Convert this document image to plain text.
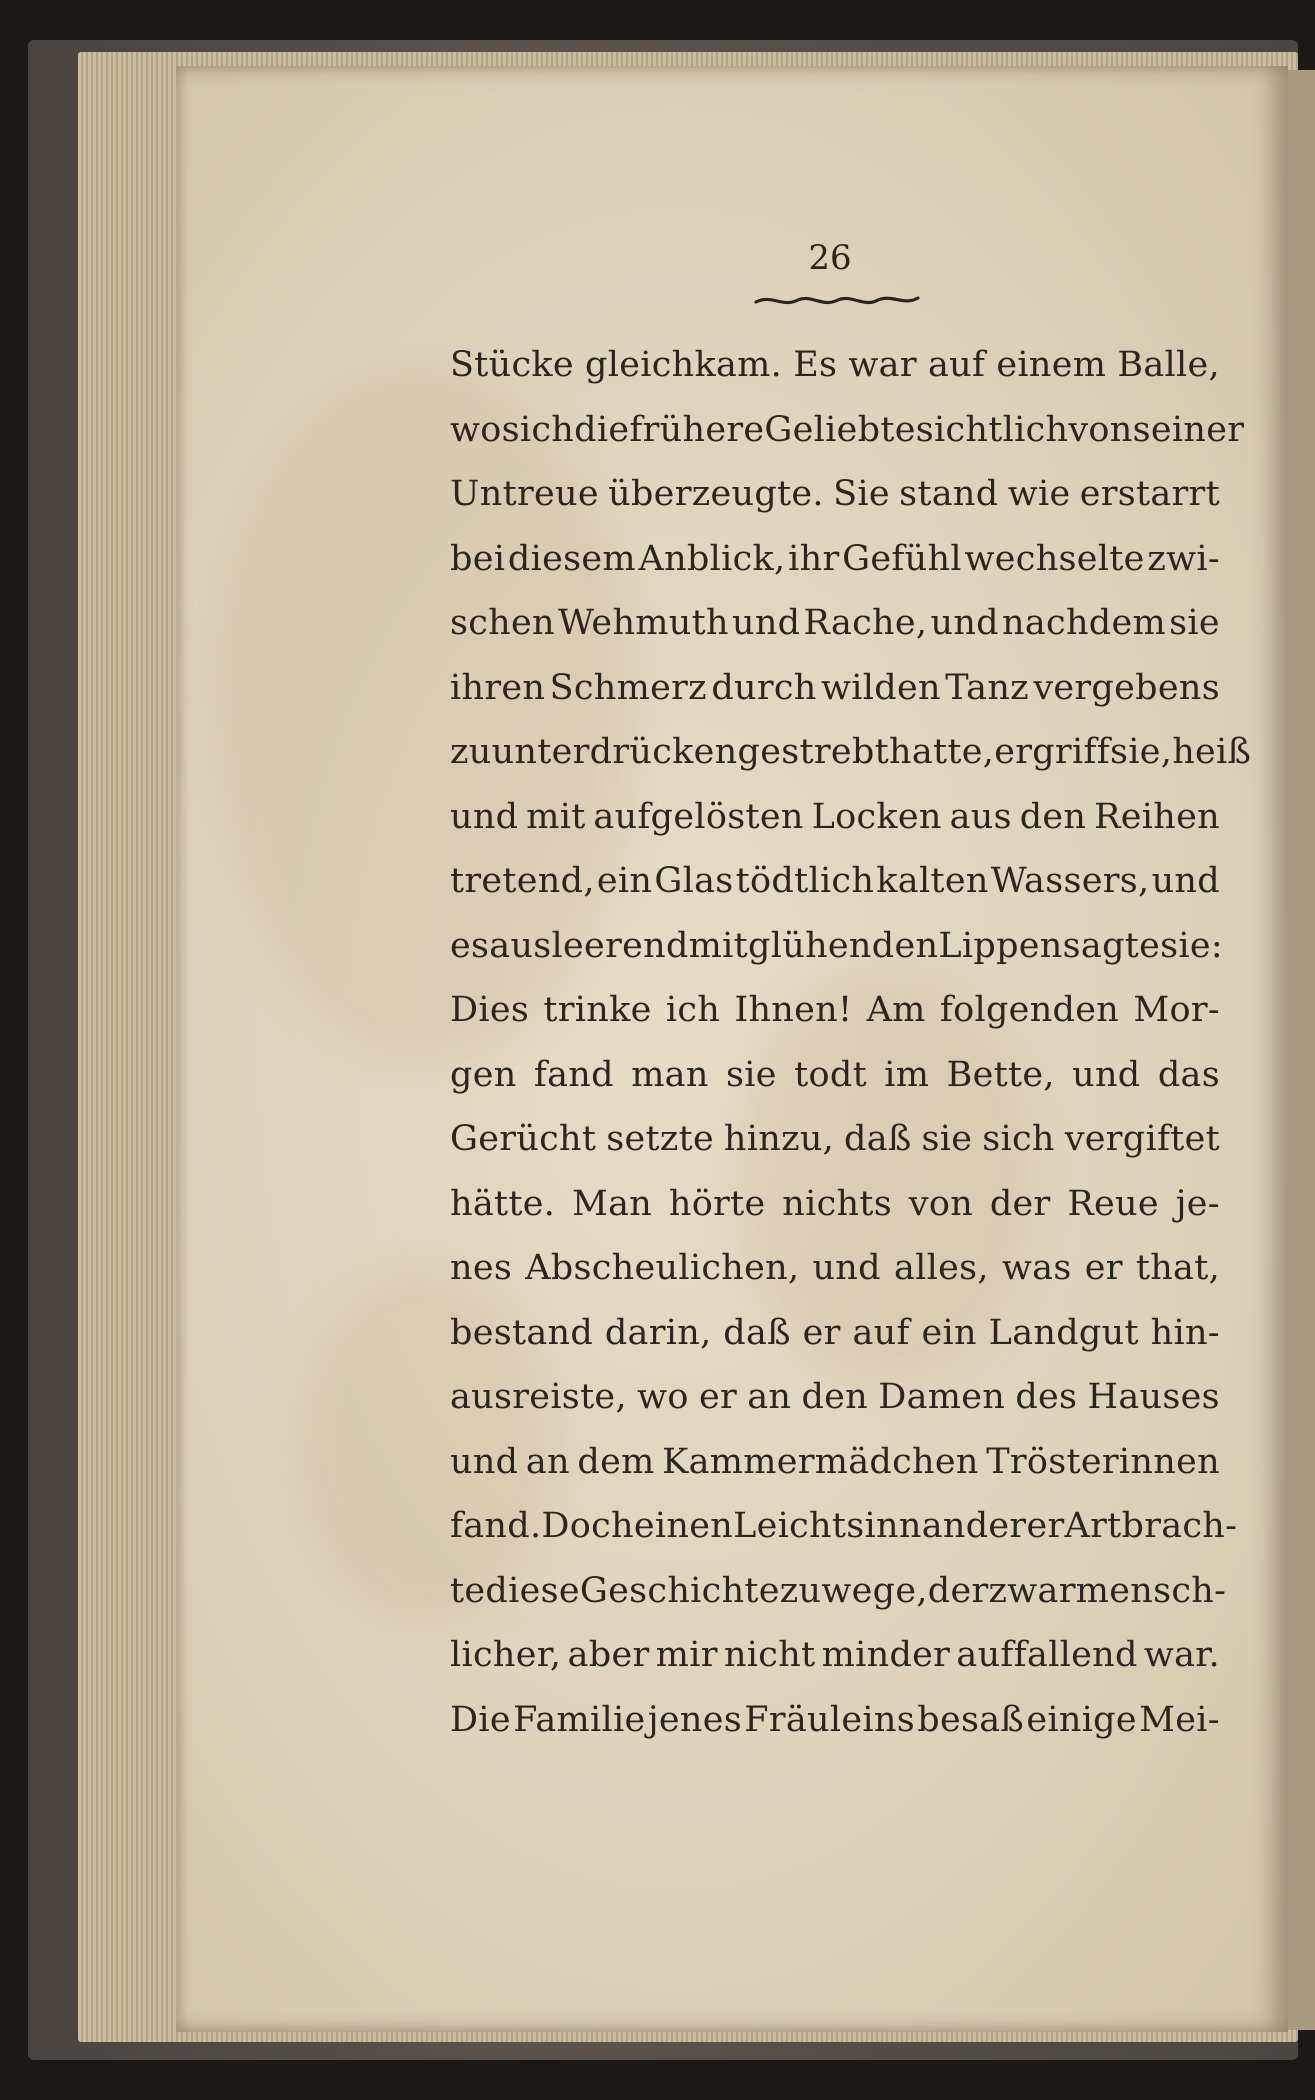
26
Stücke gleichkam. Es war auf einem Balle,
wo sich die frühere Geliebte sichtlich von seiner
Untreue überzeugte. Sie stand wie erstarrt
bei diesem Anblick, ihr Gefühl wechselte zwi-
schen Wehmuth und Rache, und nachdem sie
ihren Schmerz durch wilden Tanz vergebens
zu unterdrücken gestrebt hatte, ergriff sie, heiß
und mit aufgelösten Locken aus den Reihen
tretend, ein Glas tödtlich kalten Wassers, und
es ausleerend mit glühenden Lippen sagte sie:
Dies trinke ich Ihnen! Am folgenden Mor-
gen fand man sie todt im Bette, und das
Gerücht setzte hinzu, daß sie sich vergiftet
hätte. Man hörte nichts von der Reue je-
nes Abscheulichen, und alles, was er that,
bestand darin, daß er auf ein Landgut hin-
ausreiste, wo er an den Damen des Hauses
und an dem Kammermädchen Trösterinnen
fand. Doch einen Leichtsinn anderer Art brach-
te diese Geschichte zuwege, der zwar mensch-
licher, aber mir nicht minder auffallend war.
Die Familie jenes Fräuleins besaß einige Mei-
